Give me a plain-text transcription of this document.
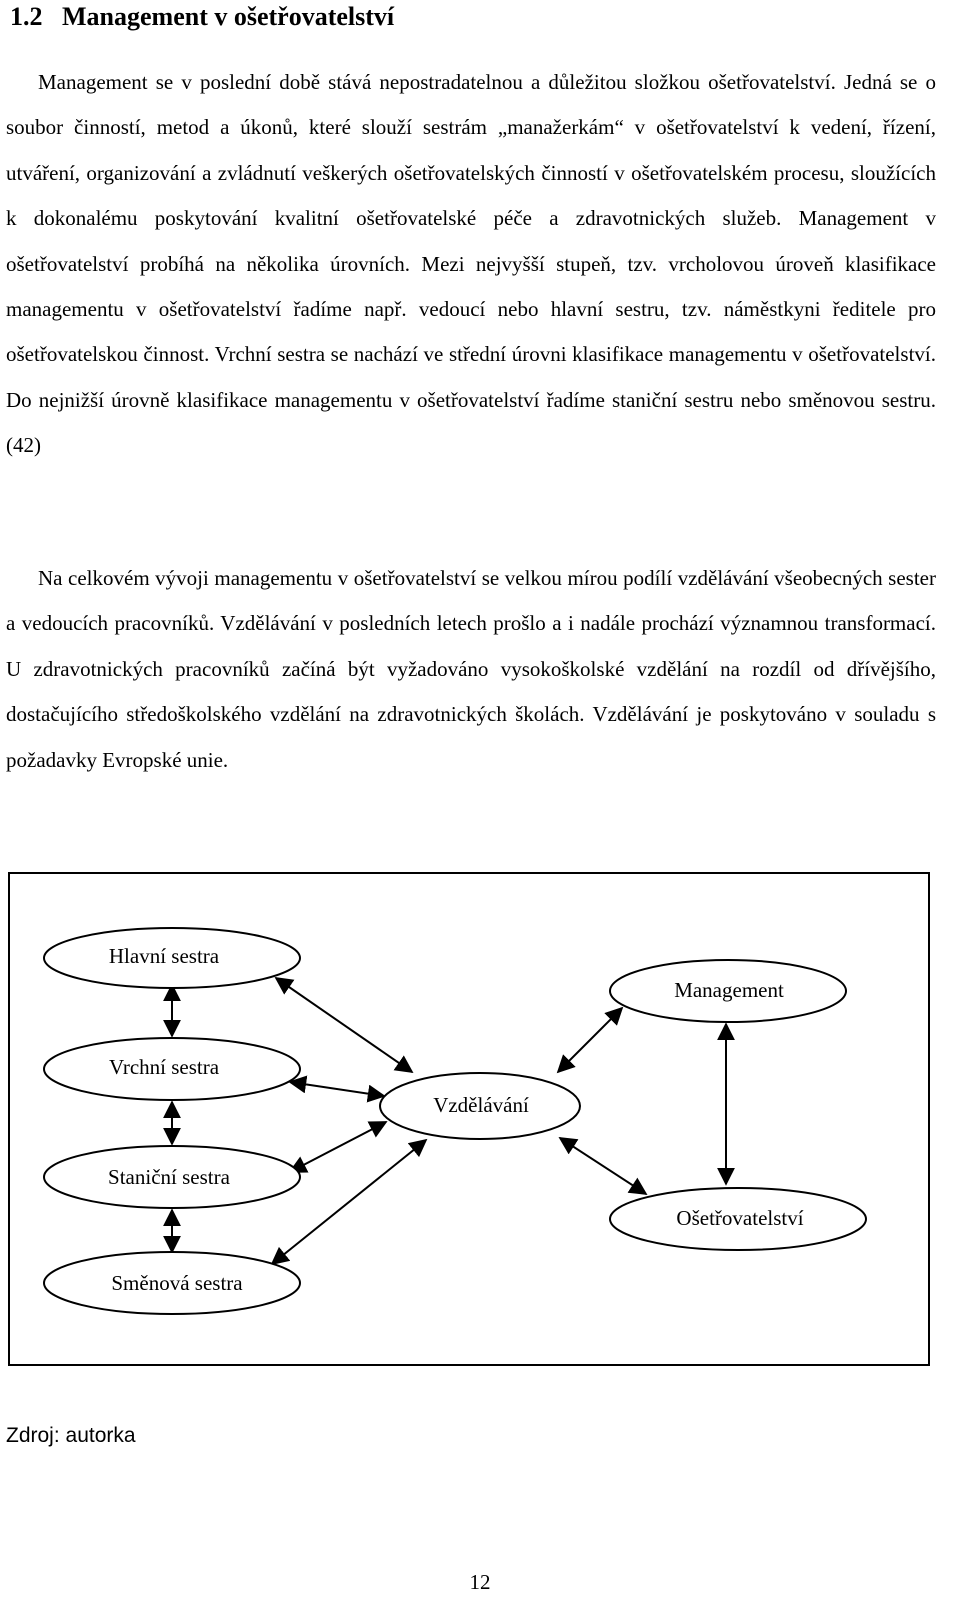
1.2 Management v ošetřovatelství

Management se v poslední době stává nepostradatelnou a důležitou složkou ošetřovatelství. Jedná se o soubor činností, metod a úkonů, které slouží sestrám „manažerkám“ v ošetřovatelství k vedení, řízení, utváření, organizování a zvládnutí veškerých ošetřovatelských činností v ošetřovatelském procesu, sloužících k dokonalému poskytování kvalitní ošetřovatelské péče a zdravotnických služeb. Management v ošetřovatelství probíhá na několika úrovních. Mezi nejvyšší stupeň, tzv. vrcholovou úroveň klasifikace managementu v ošetřovatelství řadíme např. vedoucí nebo hlavní sestru, tzv. náměstkyni ředitele pro ošetřovatelskou činnost. Vrchní sestra se nachází ve střední úrovni klasifikace managementu v ošetřovatelství. Do nejnižší úrovně klasifikace managementu v ošetřovatelství řadíme staniční sestru nebo směnovou sestru. (42)

Na celkovém vývoji managementu v ošetřovatelství se velkou mírou podílí vzdělávání všeobecných sester a vedoucích pracovníků. Vzdělávání v posledních letech prošlo a i nadále prochází významnou transformací. U zdravotnických pracovníků začíná být vyžadováno vysokoškolské vzdělání na rozdíl od dřívějšího, dostačujícího středoškolského vzdělání na zdravotnických školách. Vzdělávání je poskytováno v souladu s požadavky Evropské unie.

Hlavní sestra
Vrchní sestra
Staniční sestra
Směnová sestra
Vzdělávání
Management
Ošetřovatelství

Zdroj: autorka

12
